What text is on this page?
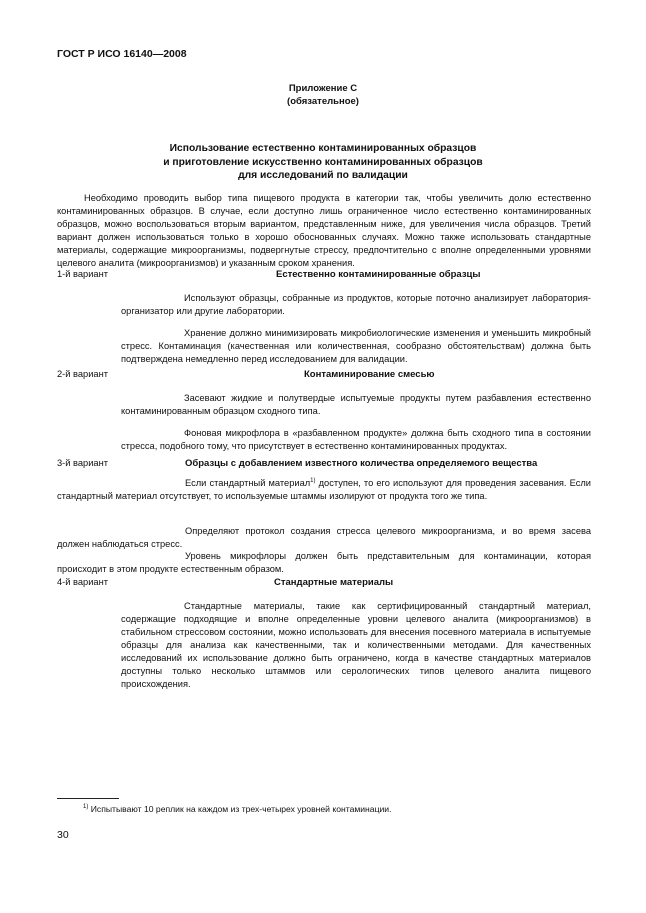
ГОСТ Р ИСО 16140—2008
Приложение С
(обязательное)
Использование естественно контаминированных образцов
и приготовление искусственно контаминированных образцов
для исследований по валидации
Необходимо проводить выбор типа пищевого продукта в категории так, чтобы увеличить долю естественно контаминированных образцов. В случае, если доступно лишь ограниченное число естественно контаминированных образцов, можно воспользоваться вторым вариантом, представленным ниже, для увеличения числа образцов. Третий вариант должен использоваться только в хорошо обоснованных случаях. Можно также использовать стандартные материалы, содержащие микроорганизмы, подвергнутые стрессу, предпочтительно с вполне определенными уровнями целевого аналита (микроорганизмов) и указанным сроком хранения.
1-й вариант	Естественно контаминированные образцы
Используют образцы, собранные из продуктов, которые поточно анализирует лаборатория-организатор или другие лаборатории.
Хранение должно минимизировать микробиологические изменения и уменьшить микробный стресс. Контаминация (качественная или количественная, сообразно обстоятельствам) должна быть подтверждена немедленно перед исследованием для валидации.
2-й вариант	Контаминирование смесью
Засевают жидкие и полутвердые испытуемые продукты путем разбавления естественно контаминированным образцом сходного типа.
Фоновая микрофлора в «разбавленном продукте» должна быть сходного типа в состоянии стресса, подобного тому, что присутствует в естественно контаминированных продуктах.
3-й вариант	Образцы с добавлением известного количества определяемого вещества
Если стандартный материал$^{1)}$ доступен, то его используют для проведения засевания. Если стандартный материал отсутствует, то используемые штаммы изолируют от продукта того же типа.
Определяют протокол создания стресса целевого микроорганизма, и во время засева должен наблюдаться стресс.
Уровень микрофлоры должен быть представительным для контаминации, которая происходит в этом продукте естественным образом.
4-й вариант	Стандартные материалы
Стандартные материалы, такие как сертифицированный стандартный материал, содержащие подходящие и вполне определенные уровни целевого аналита (микроорганизмов) в стабильном стрессовом состоянии, можно использовать для внесения посевного материала в испытуемые образцы для анализа как качественными, так и количественными методами. Для качественных исследований их использование должно быть ограничено, когда в качестве стандартных материалов доступны только несколько штаммов или серологических типов целевого аналита пищевого происхождения.
$^{1)}$ Испытывают 10 реплик на каждом из трех-четырех уровней контаминации.
30
